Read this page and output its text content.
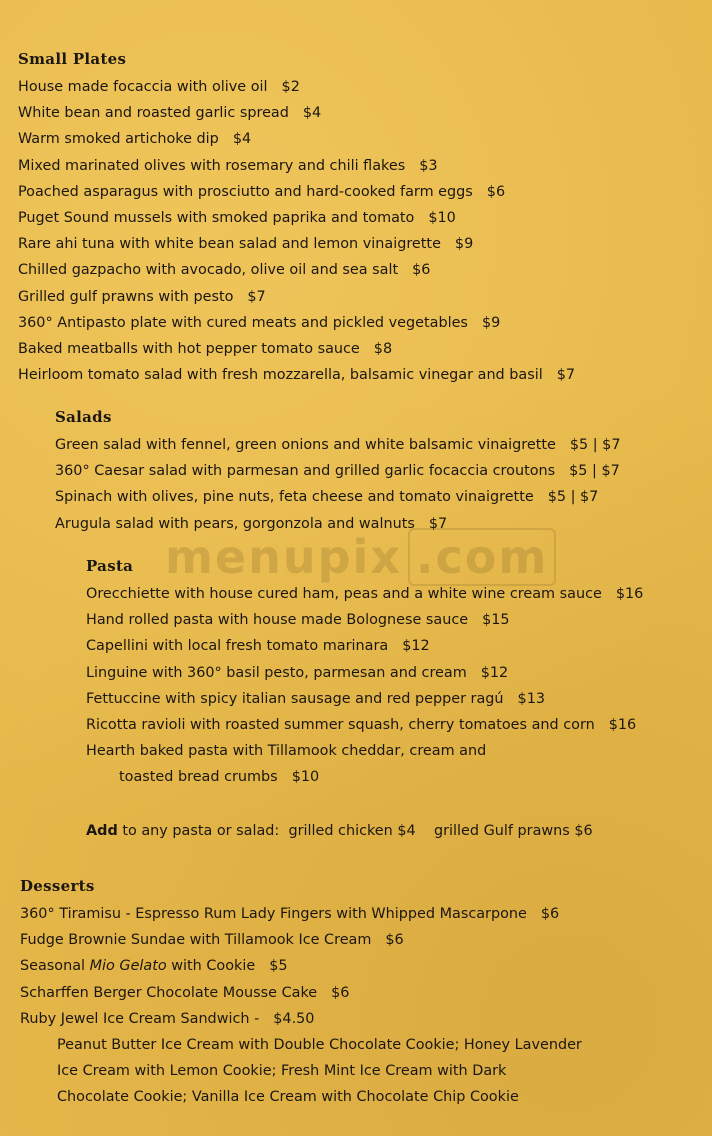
menupix .com
Small Plates
House made focaccia with olive oil $2
White bean and roasted garlic spread $4
Warm smoked artichoke dip $4
Mixed marinated olives with rosemary and chili flakes $3
Poached asparagus with prosciutto and hard-cooked farm eggs $6
Puget Sound mussels with smoked paprika and tomato $10
Rare ahi tuna with white bean salad and lemon vinaigrette $9
Chilled gazpacho with avocado, olive oil and sea salt $6
Grilled gulf prawns with pesto $7
360° Antipasto plate with cured meats and pickled vegetables $9
Baked meatballs with hot pepper tomato sauce $8
Heirloom tomato salad with fresh mozzarella, balsamic vinegar and basil $7
Salads
Green salad with fennel, green onions and white balsamic vinaigrette $5 | $7
360° Caesar salad with parmesan and grilled garlic focaccia croutons $5 | $7
Spinach with olives, pine nuts, feta cheese and tomato vinaigrette $5 | $7
Arugula salad with pears, gorgonzola and walnuts $7
Pasta
Orecchiette with house cured ham, peas and a white wine cream sauce $16
Hand rolled pasta with house made Bolognese sauce $15
Capellini with local fresh tomato marinara $12
Linguine with 360° basil pesto, parmesan and cream $12
Fettuccine with spicy italian sausage and red pepper ragú $13
Ricotta ravioli with roasted summer squash, cherry tomatoes and corn $16
Hearth baked pasta with Tillamook cheddar, cream and
toasted bread crumbs $10
Add to any pasta or salad: grilled chicken $4 grilled Gulf prawns $6
Desserts
360° Tiramisu - Espresso Rum Lady Fingers with Whipped Mascarpone $6
Fudge Brownie Sundae with Tillamook Ice Cream $6
Seasonal Mio Gelato with Cookie $5
Scharffen Berger Chocolate Mousse Cake $6
Ruby Jewel Ice Cream Sandwich - $4.50
Peanut Butter Ice Cream with Double Chocolate Cookie; Honey Lavender
Ice Cream with Lemon Cookie; Fresh Mint Ice Cream with Dark
Chocolate Cookie; Vanilla Ice Cream with Chocolate Chip Cookie
